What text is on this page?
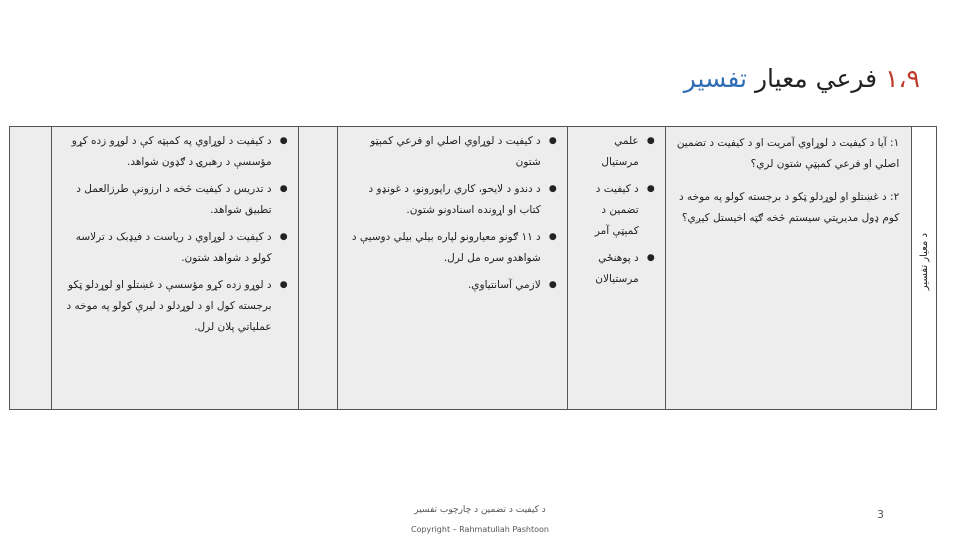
۱،۹ فرعي معیار تفسیر
د معیار تفسیر

۱: آیا د کیفیت د لوړاوي آمریت او د کیفیت د تضمین اصلي او فرعي کمېټې شتون لري؟

۲: د غښتلو او لوړدلو ټکو د برجسته کولو په موخه د کوم ډول مدیریتي سیستم څخه ګټه اخیستل کیږي؟

● علمي مرستیال
● د کیفیت د تضمین د کمېټې آمر
● د پوهنځي مرستیالان

● د کیفیت د لوړاوي اصلي او فرعي کمېټو شتون
● د دندو د لایحو، کاري راپورونو، د غونډو د کتاب او اړونده اسنادونو شتون.
● د ۱۱ ګونو معیارونو لپاره بیلي بیلي دوسیې د شواهدو سره مل لرل.
● لازمي آسانتیاوې.

● د کیفیت د لوړاوي په کمېټه کې د لوړو زده کړو مؤسسې د رهبرۍ د ګډون شواهد.
● د تدریس د کیفیت څخه د ارزونې طرزالعمل د تطبیق شواهد.
● د کیفیت د لوړاوي د ریاست د فیډبک د ترلاسه کولو د شواهد شتون.
● د لوړو زده کړو مؤسسې د غښتلو او لوړدلو ټکو برجسته کول او د لوړدلو د لیرې کولو په موخه د عملیاتي پلان لرل.

د کیفیت د تضمین د چارچوب تفسیر
Copyright – Rahmatullah Pashtoon
3
